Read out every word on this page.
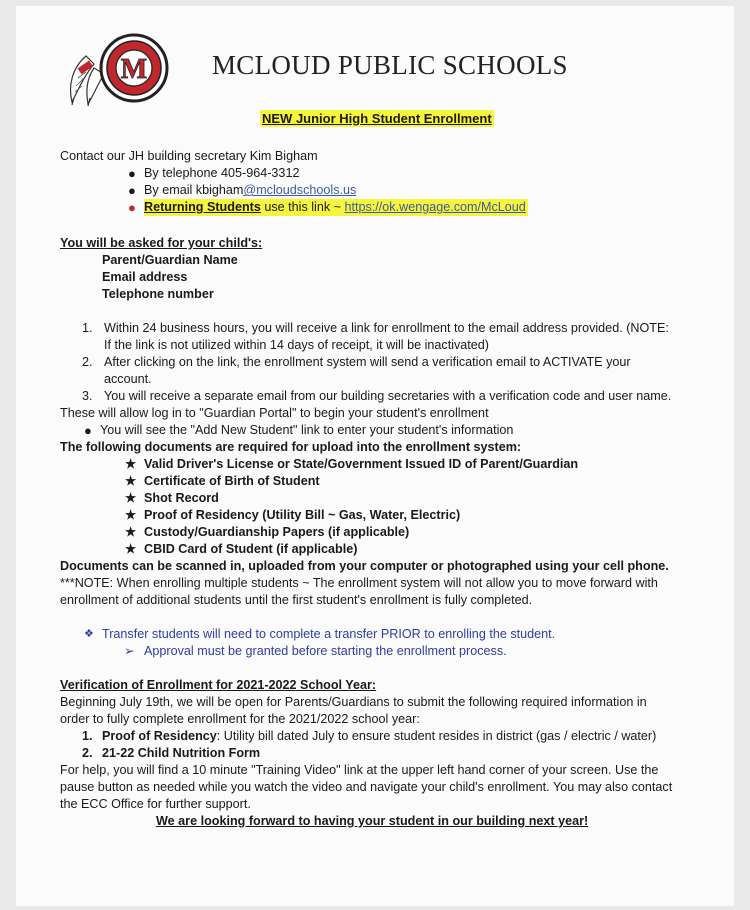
M MCLOUD PUBLIC SCHOOLS
NEW Junior High Student Enrollment
Contact our JH building secretary Kim Bigham
● By telephone 405-964-3312
● By email kbigham@mcloudschools.us
● Returning Students use this link ~ https://ok.wengage.com/McLoud
You will be asked for your child's:
Parent/Guardian Name
Email address
Telephone number
1. Within 24 business hours, you will receive a link for enrollment to the email address provided. (NOTE:
If the link is not utilized within 14 days of receipt, it will be inactivated)
2. After clicking on the link, the enrollment system will send a verification email to ACTIVATE your
account.
3. You will receive a separate email from our building secretaries with a verification code and user name.
These will allow log in to "Guardian Portal" to begin your student's enrollment
● You will see the "Add New Student" link to enter your student's information
The following documents are required for upload into the enrollment system:
★ Valid Driver's License or State/Government Issued ID of Parent/Guardian
★ Certificate of Birth of Student
★ Shot Record
★ Proof of Residency (Utility Bill ~ Gas, Water, Electric)
★ Custody/Guardianship Papers (if applicable)
★ CBID Card of Student (if applicable)
Documents can be scanned in, uploaded from your computer or photographed using your cell phone.
***NOTE: When enrolling multiple students ~ The enrollment system will not allow you to move forward with
enrollment of additional students until the first student's enrollment is fully completed.
❖ Transfer students will need to complete a transfer PRIOR to enrolling the student.
➢ Approval must be granted before starting the enrollment process.
Verification of Enrollment for 2021-2022 School Year:
Beginning July 19th, we will be open for Parents/Guardians to submit the following required information in
order to fully complete enrollment for the 2021/2022 school year:
1. Proof of Residency: Utility bill dated July to ensure student resides in district (gas / electric / water)
2. 21-22 Child Nutrition Form
For help, you will find a 10 minute "Training Video" link at the upper left hand corner of your screen. Use the
pause button as needed while you watch the video and navigate your child's enrollment. You may also contact
the ECC Office for further support.
We are looking forward to having your student in our building next year!
